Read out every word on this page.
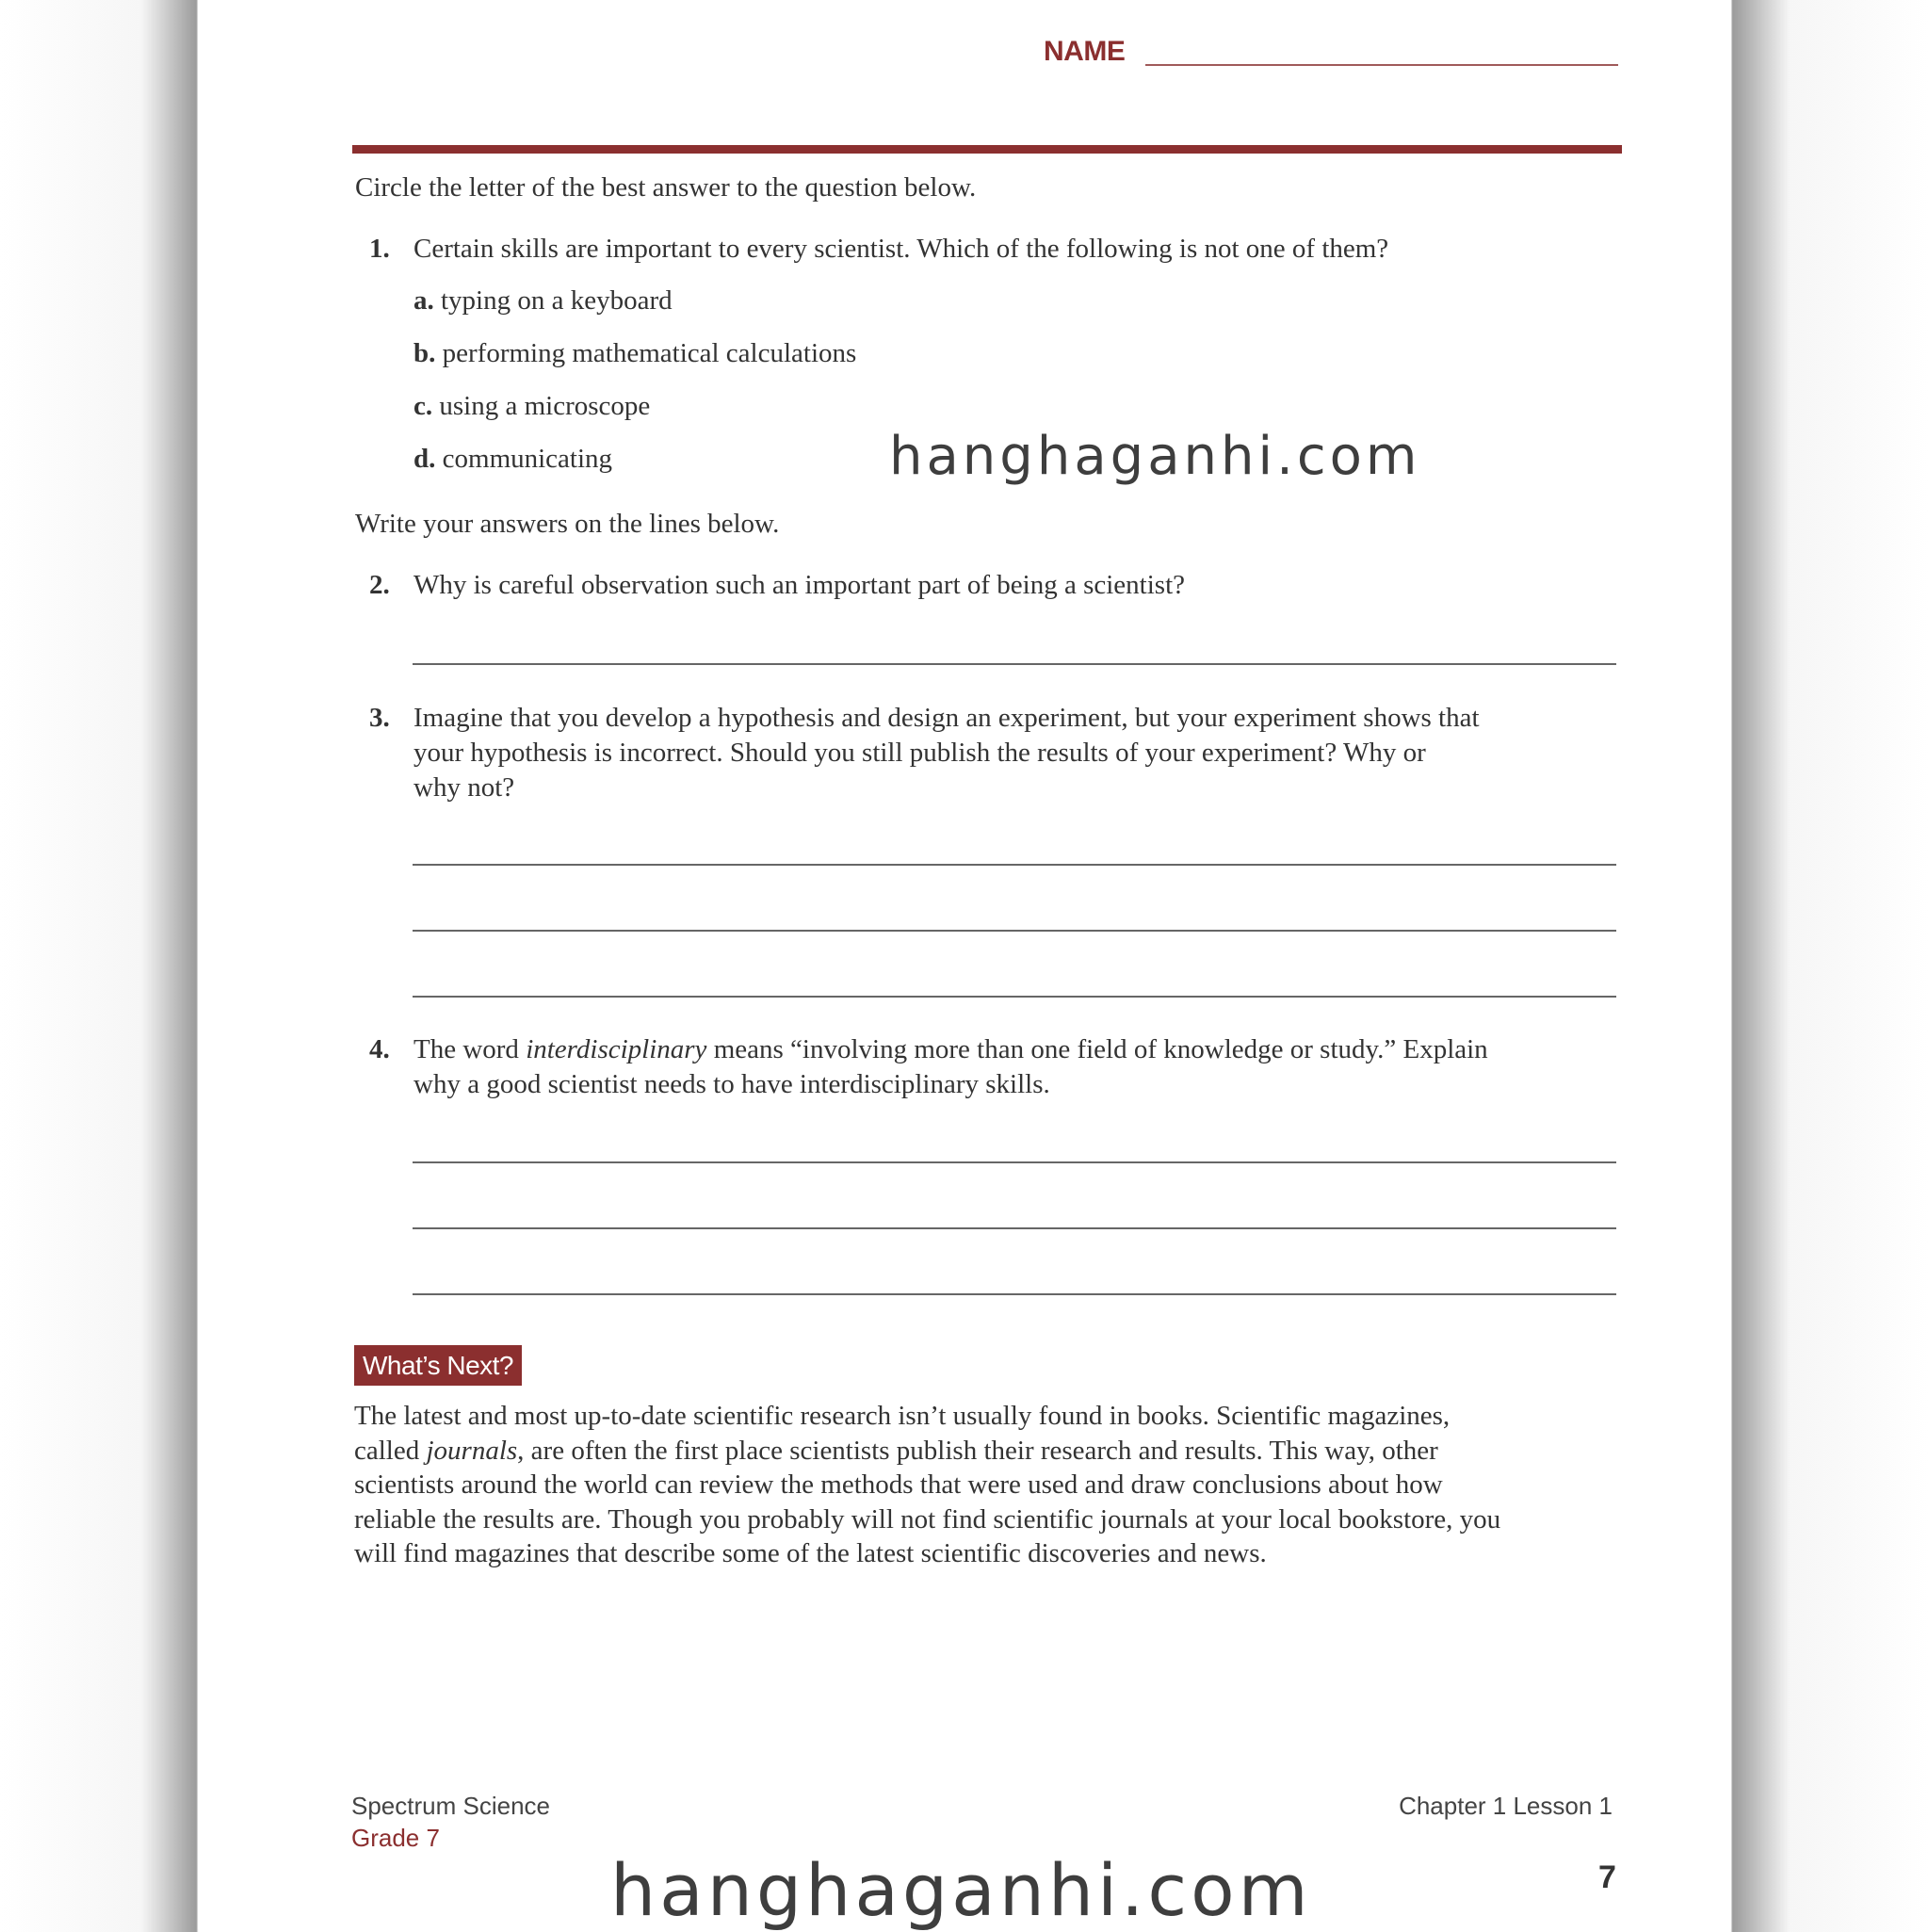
NAME
Circle the letter of the best answer to the question below.
1. Certain skills are important to every scientist. Which of the following is not one of them?
a. typing on a keyboard
b. performing mathematical calculations
c. using a microscope
d. communicating
Write your answers on the lines below.
2. Why is careful observation such an important part of being a scientist?
3. Imagine that you develop a hypothesis and design an experiment, but your experiment shows that
your hypothesis is incorrect. Should you still publish the results of your experiment? Why or
why not?
4. The word interdisciplinary means “involving more than one field of knowledge or study.” Explain
why a good scientist needs to have interdisciplinary skills.
What’s Next?

The latest and most up-to-date scientific research isn’t usually found in books. Scientific magazines,

called journals, are often the first place scientists publish their research and results. This way, other

scientists around the world can review the methods that were used and draw conclusions about how

reliable the results are. Though you probably will not find scientific journals at your local bookstore, you

will find magazines that describe some of the latest scientific discoveries and news.

Spectrum Science
Grade 7
Chapter 1 Lesson 1
7
hanghaganhi.com
hanghaganhi.com
